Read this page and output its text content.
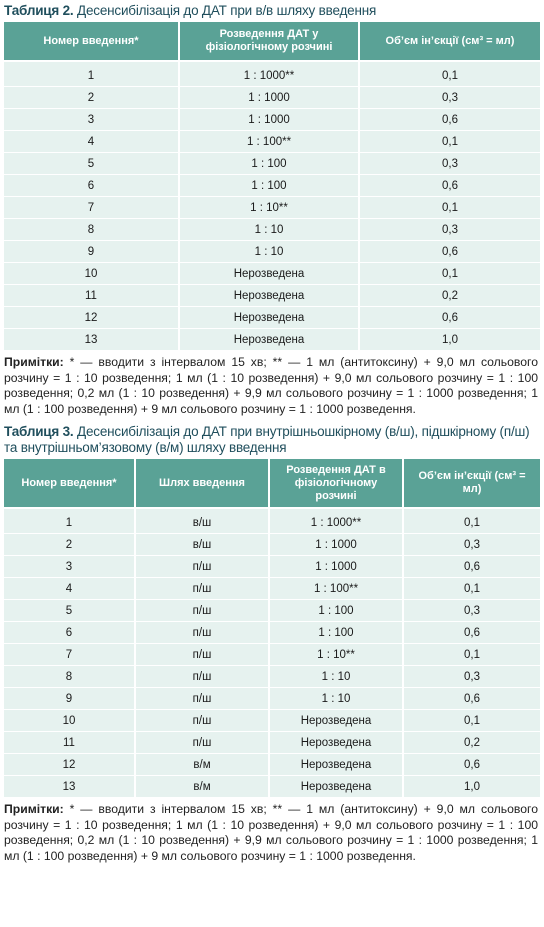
Таблиця 2. Десенсибілізація до ДАТ при в/в шляху введення
Номер введення*	Розведення ДАТ у фізіологічному розчині	Об’єм ін’єкції (см³ = мл)

1	1 : 1000**	0,1
2	1 : 1000	0,3
3	1 : 1000	0,6
4	1 : 100**	0,1
5	1 : 100	0,3
6	1 : 100	0,6
7	1 : 10**	0,1
8	1 : 10	0,3
9	1 : 10	0,6
10	Нерозведена	0,1
11	Нерозведена	0,2
12	Нерозведена	0,6
13	Нерозведена	1,0
Примітки: * — вводити з інтервалом 15 хв; ** — 1 мл (антитоксину) + 9,0 мл сольового розчину = 1 : 10 розведення; 1 мл (1 : 10 розведення) + 9,0 мл сольового розчину = 1 : 100 розведення; 0,2 мл (1 : 10 розведення) + 9,9 мл сольового розчину = 1 : 1000 розведення; 1 мл (1 : 100 розведення) + 9 мл сольового розчину = 1 : 1000 розведення.
Таблиця 3. Десенсибілізація до ДАТ при внутрішньошкірному (в/ш), підшкірному (п/ш) та внутрішньом’язовому (в/м) шляху введення
Номер введення*	Шлях введення	Розведення ДАТ в фізіологічному розчині	Об’єм ін’єкції (см³ = мл)

1	в/ш	1 : 1000**	0,1
2	в/ш	1 : 1000	0,3
3	п/ш	1 : 1000	0,6
4	п/ш	1 : 100**	0,1
5	п/ш	1 : 100	0,3
6	п/ш	1 : 100	0,6
7	п/ш	1 : 10**	0,1
8	п/ш	1 : 10	0,3
9	п/ш	1 : 10	0,6
10	п/ш	Нерозведена	0,1
11	п/ш	Нерозведена	0,2
12	в/м	Нерозведена	0,6
13	в/м	Нерозведена	1,0
Примітки: * — вводити з інтервалом 15 хв; ** — 1 мл (антитоксину) + 9,0 мл сольового розчину = 1 : 10 розведення; 1 мл (1 : 10 розведення) + 9,0 мл сольового розчину = 1 : 100 розведення; 0,2 мл (1 : 10 розведення) + 9,9 мл сольового розчину = 1 : 1000 розведення; 1 мл (1 : 100 розведення) + 9 мл сольового розчину = 1 : 1000 розведення.
